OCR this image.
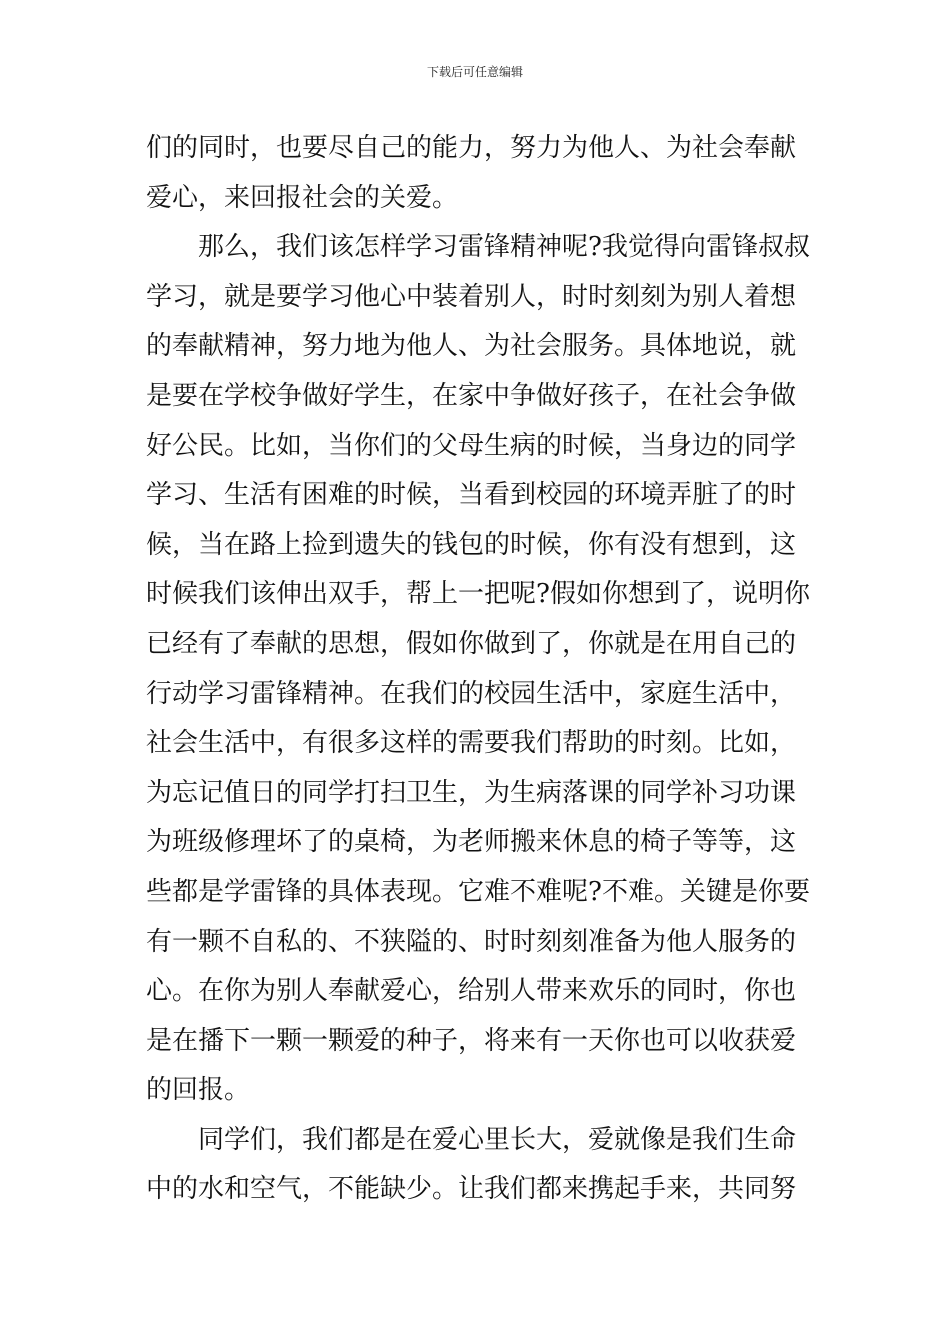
下载后可任意编辑
们的同时，也要尽自己的能力，努力为他人、为社会奉献
爱心，来回报社会的关爱。
　　那么，我们该怎样学习雷锋精神呢?我觉得向雷锋叔叔
学习，就是要学习他心中装着别人，时时刻刻为别人着想
的奉献精神，努力地为他人、为社会服务。具体地说，就
是要在学校争做好学生，在家中争做好孩子，在社会争做
好公民。比如，当你们的父母生病的时候，当身边的同学
学习、生活有困难的时候，当看到校园的环境弄脏了的时
候，当在路上捡到遗失的钱包的时候，你有没有想到，这
时候我们该伸出双手，帮上一把呢?假如你想到了，说明你
已经有了奉献的思想，假如你做到了，你就是在用自己的
行动学习雷锋精神。在我们的校园生活中，家庭生活中，
社会生活中，有很多这样的需要我们帮助的时刻。比如，
为忘记值日的同学打扫卫生，为生病落课的同学补习功课
为班级修理坏了的桌椅，为老师搬来休息的椅子等等，这
些都是学雷锋的具体表现。它难不难呢?不难。关键是你要
有一颗不自私的、不狭隘的、时时刻刻准备为他人服务的
心。在你为别人奉献爱心，给别人带来欢乐的同时，你也
是在播下一颗一颗爱的种子，将来有一天你也可以收获爱
的回报。
　　同学们，我们都是在爱心里长大，爱就像是我们生命
中的水和空气，不能缺少。让我们都来携起手来，共同努
